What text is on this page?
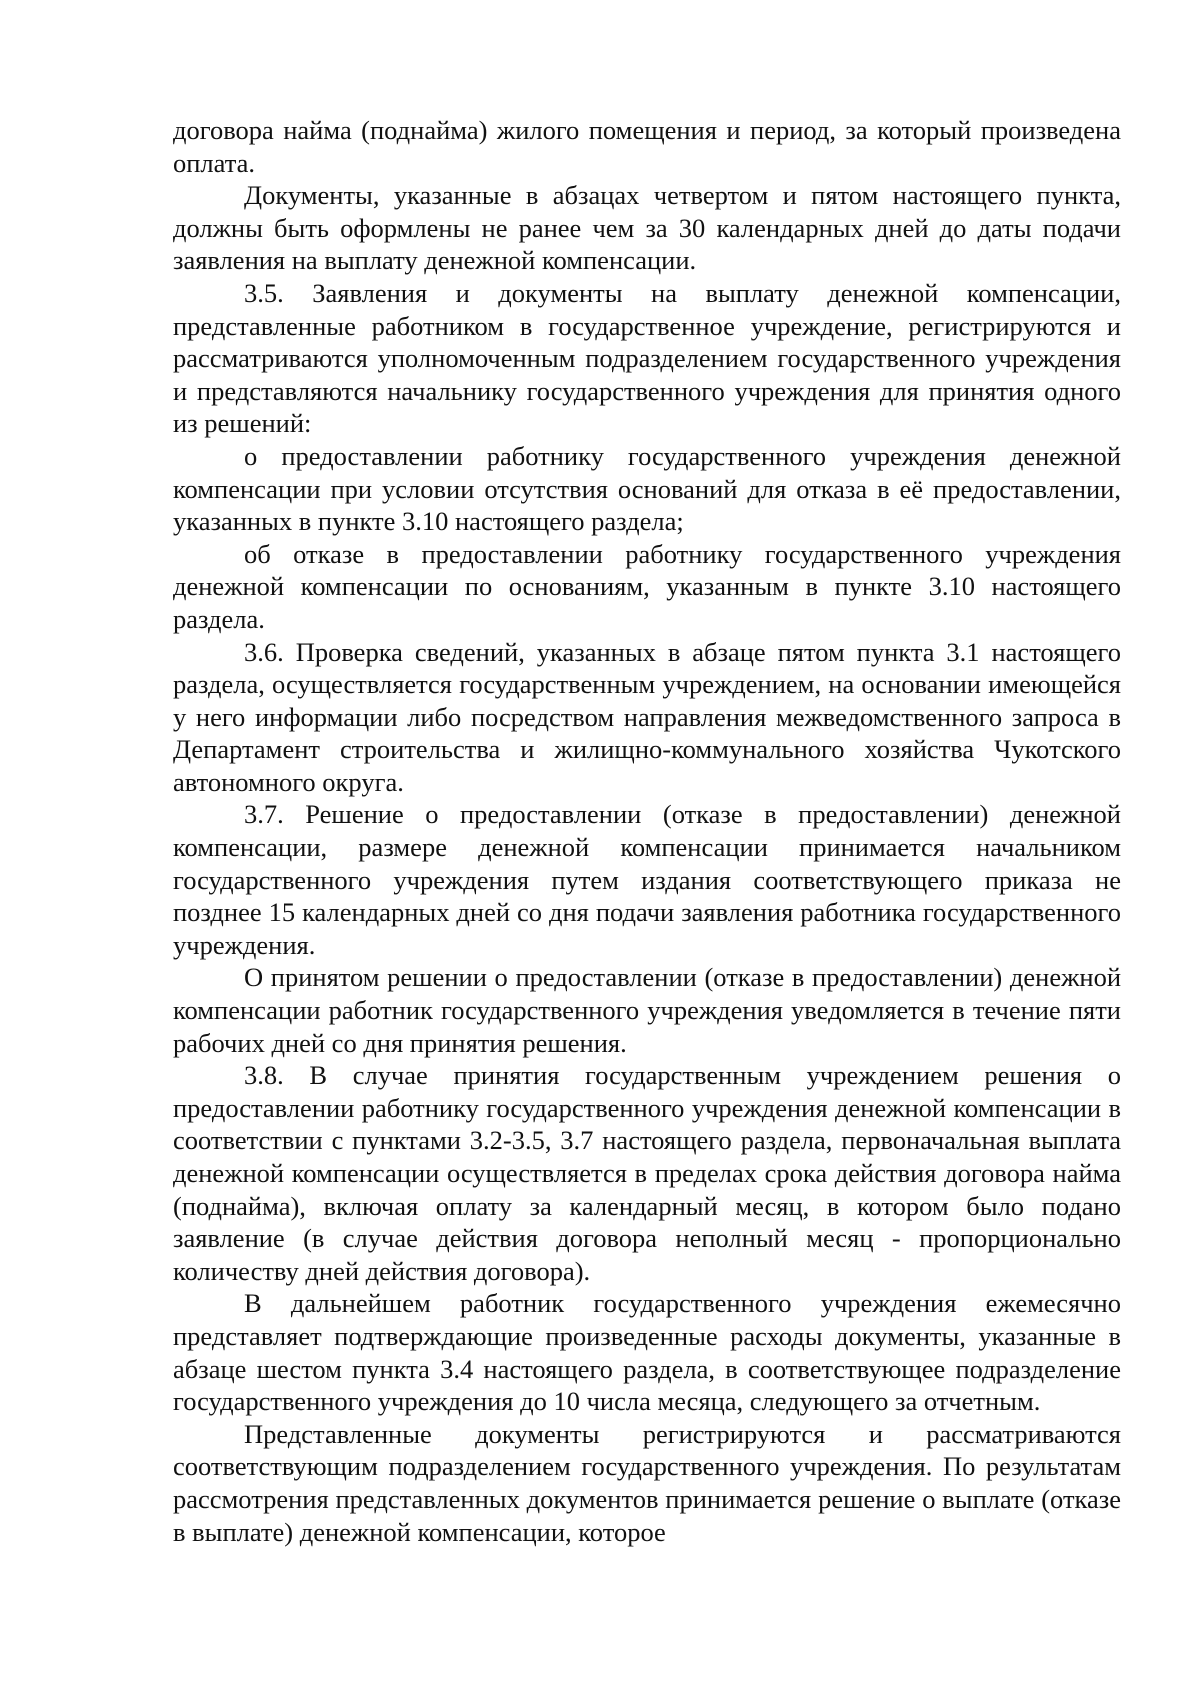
договора найма (поднайма) жилого помещения и период, за который произведена оплата.

Документы, указанные в абзацах четвертом и пятом настоящего пункта, должны быть оформлены не ранее чем за 30 календарных дней до даты подачи заявления на выплату денежной компенсации.

3.5. Заявления и документы на выплату денежной компенсации, представленные работником в государственное учреждение, регистрируются и рассматриваются уполномоченным подразделением государственного учреждения и представляются начальнику государственного учреждения для принятия одного из решений:

о предоставлении работнику государственного учреждения денежной компенсации при условии отсутствия оснований для отказа в её предоставлении, указанных в пункте 3.10 настоящего раздела;

об отказе в предоставлении работнику государственного учреждения денежной компенсации по основаниям, указанным в пункте 3.10 настоящего раздела.

3.6. Проверка сведений, указанных в абзаце пятом пункта 3.1 настоящего раздела, осуществляется государственным учреждением, на основании имеющейся у него информации либо посредством направления межведомственного запроса в Департамент строительства и жилищно-коммунального хозяйства Чукотского автономного округа.

3.7. Решение о предоставлении (отказе в предоставлении) денежной компенсации, размере денежной компенсации принимается начальником государственного учреждения путем издания соответствующего приказа не позднее 15 календарных дней со дня подачи заявления работника государственного учреждения.

О принятом решении о предоставлении (отказе в предоставлении) денежной компенсации работник государственного учреждения уведомляется в течение пяти рабочих дней со дня принятия решения.

3.8. В случае принятия государственным учреждением решения о предоставлении работнику государственного учреждения денежной компенсации в соответствии с пунктами 3.2-3.5, 3.7 настоящего раздела, первоначальная выплата денежной компенсации осуществляется в пределах срока действия договора найма (поднайма), включая оплату за календарный месяц, в котором было подано заявление (в случае действия договора неполный месяц - пропорционально количеству дней действия договора).

В дальнейшем работник государственного учреждения ежемесячно представляет подтверждающие произведенные расходы документы, указанные в абзаце шестом пункта 3.4 настоящего раздела, в соответствующее подразделение государственного учреждения до 10 числа месяца, следующего за отчетным.

Представленные документы регистрируются и рассматриваются соответствующим подразделением государственного учреждения. По результатам рассмотрения представленных документов принимается решение о выплате (отказе в выплате) денежной компенсации, которое
